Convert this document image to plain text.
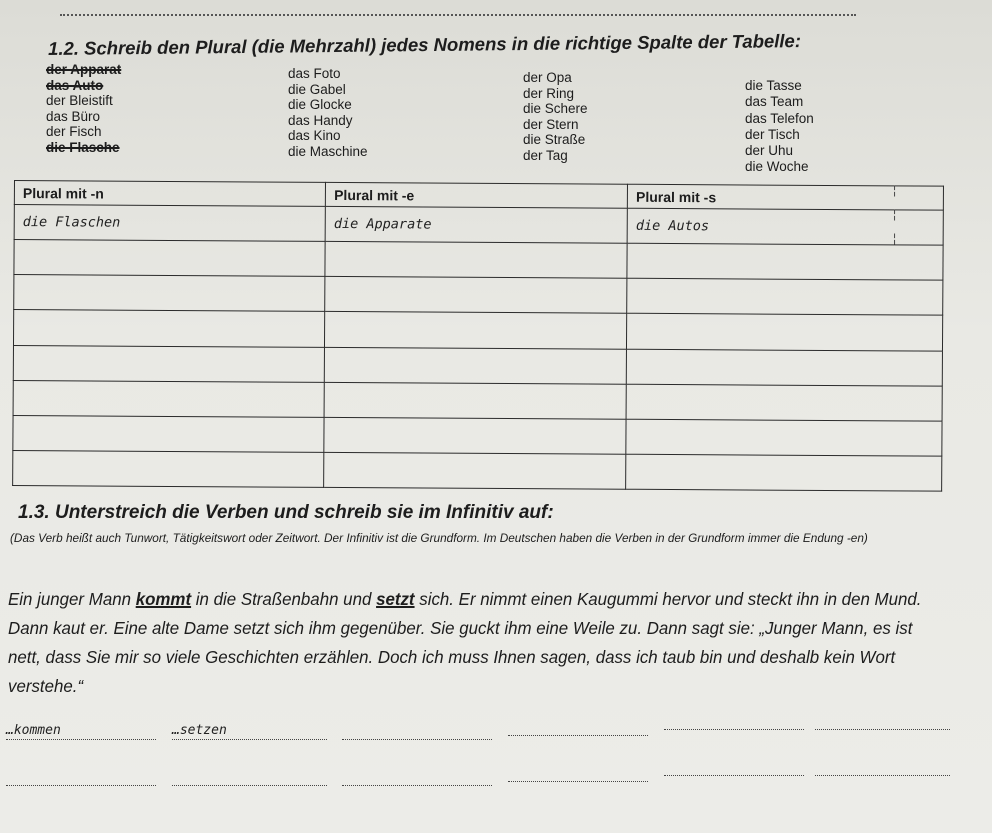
1.2. Schreib den Plural (die Mehrzahl) jedes Nomens in die richtige Spalte der Tabelle:
der Apparat
das Auto
der Bleistift
das Büro
der Fisch
die Flasche
das Foto
die Gabel
die Glocke
das Handy
das Kino
die Maschine
der Opa
der Ring
die Schere
der Stern
die Straße
der Tag
die Tasse
das Team
das Telefon
der Tisch
der Uhu
die Woche
Plural mit -n	Plural mit -e	Plural mit -s
die Flaschen	die Apparate	die Autos

¦
¦
¦
1.3. Unterstreich die Verben und schreib sie im Infinitiv auf:

(Das Verb heißt auch Tunwort, Tätigkeitswort oder Zeitwort. Der Infinitiv ist die Grundform. Im Deutschen haben die Verben in der Grundform immer die Endung -en)

Ein junger Mann kommt in die Straßenbahn und setzt sich. Er nimmt einen Kaugummi hervor und steckt ihn in den Mund. Dann kaut er. Eine alte Dame setzt sich ihm gegenüber. Sie guckt ihm eine Weile zu. Dann sagt sie: „Junger Mann, es ist nett, dass Sie mir so viele Geschichten erzählen. Doch ich muss Ihnen sagen, dass ich taub bin und deshalb kein Wort verstehe.“

…kommen	…setzen
